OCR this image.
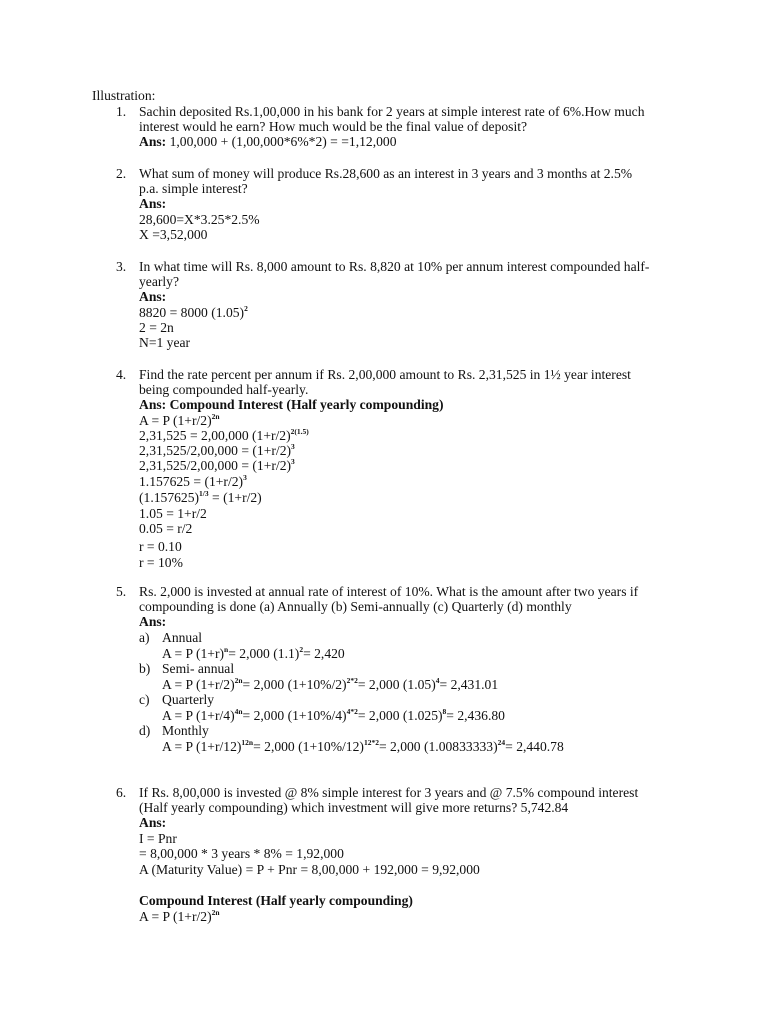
Illustration:
1. Sachin deposited Rs.1,00,000 in his bank for 2 years at simple interest rate of 6%.How much
interest would he earn? How much would be the final value of deposit?
Ans: 1,00,000 + (1,00,000*6%*2) = =1,12,000
2. What sum of money will produce Rs.28,600 as an interest in 3 years and 3 months at 2.5%
p.a. simple interest?
Ans:
28,600=X*3.25*2.5%
X =3,52,000
3. In what time will Rs. 8,000 amount to Rs. 8,820 at 10% per annum interest compounded half-
yearly?
Ans:
8820 = 8000 $(1.05)^2$
2 = 2n
N=1 year
4. Find the rate percent per annum if Rs. 2,00,000 amount to Rs. 2,31,525 in 1½ year interest
being compounded half-yearly.
Ans: Compound Interest (Half yearly compounding)
A = P $(1+r/2)^{2n}$
2,31,525 = 2,00,000 $(1+r/2)^{2(1.5)}$
$2,31,525/2,00,000 = (1+r/2)^3$
$2,31,525/2,00,000 = (1+r/2)^3$
$1.157625 = (1+r/2)^3$
$(1.157625)^{1/3} = (1+r/2)$
1.05 = 1+r/2
0.05 = r/2
r = 0.10
r = 10%
5. Rs. 2,000 is invested at annual rate of interest of 10%. What is the amount after two years if
compounding is done (a) Annually (b) Semi-annually (c) Quarterly (d) monthly
Ans:
a) Annual
A = P $(1+r)^n= 2,000$ $(1.1)^2= 2,420$
b) Semi- annual
A = P $(1+r/2)^{2n}= 2,000$ $(1+10\%/2)^{2*2}= 2,000$ $(1.05)^4= 2,431.01$
c) Quarterly
A = P $(1+r/4)^{4n}= 2,000$ $(1+10\%/4)^{4*2}= 2,000$ $(1.025)^8= 2,436.80$
d) Monthly
A = P $(1+r/12)^{12n}= 2,000$ $(1+10\%/12)^{12*2}= 2,000$ $(1.00833333)^{24}= 2,440.78$
6. If Rs. 8,00,000 is invested @ 8% simple interest for 3 years and @ 7.5% compound interest
(Half yearly compounding) which investment will give more returns? 5,742.84
Ans:
I = Pnr
= 8,00,000 * 3 years * 8% = 1,92,000
A (Maturity Value) = P + Pnr = 8,00,000 + 192,000 = 9,92,000
Compound Interest (Half yearly compounding)
A = P $(1+r/2)^{2n}$
